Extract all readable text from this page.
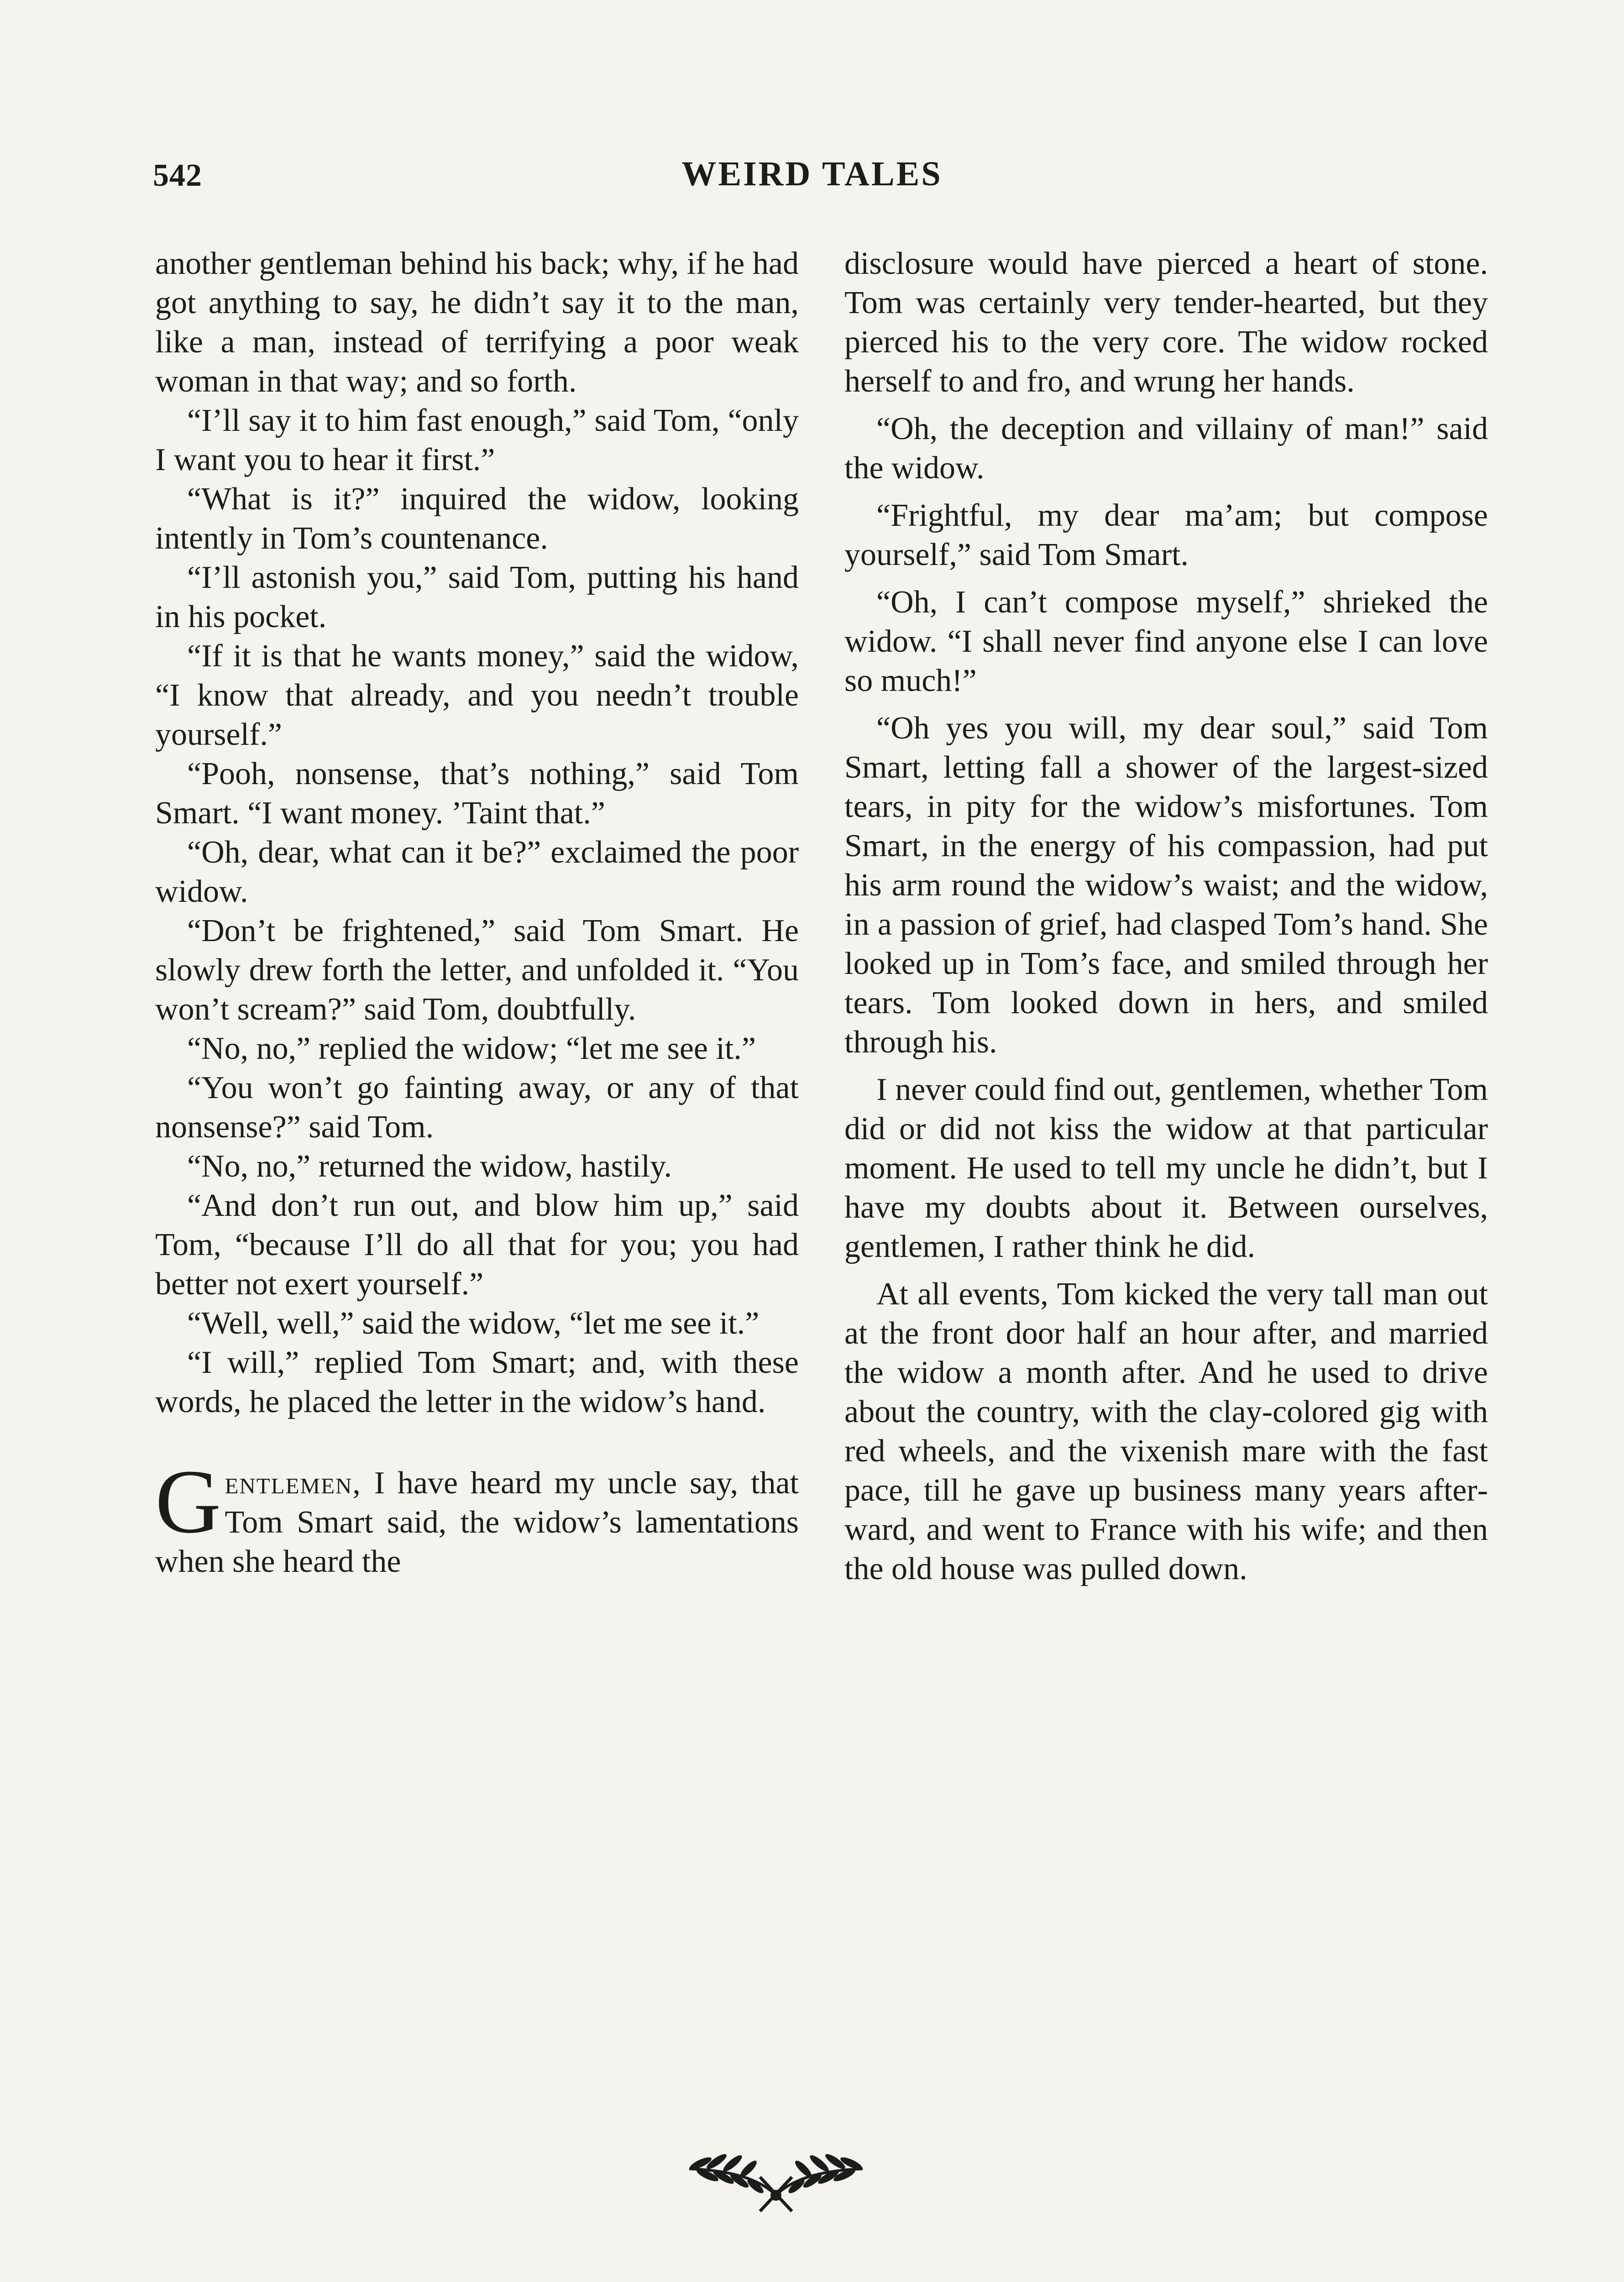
542	WEIRD TALES

another gentleman behind his back; why, if he had got anything to say, he didn’t say it to the man, like a man, instead of terrifying a poor weak woman in that way; and so forth.

“I’ll say it to him fast enough,” said Tom, “only I want you to hear it first.”

“What is it?” inquired the widow, looking intently in Tom’s countenance.

“I’ll astonish you,” said Tom, putting his hand in his pocket.

“If it is that he wants money,” said the widow, “I know that already, and you needn’t trouble yourself.”

“Pooh, nonsense, that’s nothing,” said Tom Smart. “I want money. ’Taint that.”

“Oh, dear, what can it be?” exclaimed the poor widow.

“Don’t be frightened,” said Tom Smart. He slowly drew forth the letter, and unfolded it. “You won’t scream?” said Tom, doubtfully.

“No, no,” replied the widow; “let me see it.”

“You won’t go fainting away, or any of that nonsense?” said Tom.

“No, no,” returned the widow, hastily.

“And don’t run out, and blow him up,” said Tom, “because I’ll do all that for you; you had better not exert yourself.”

“Well, well,” said the widow, “let me see it.”

“I will,” replied Tom Smart; and, with these words, he placed the letter in the widow’s hand.

Gentlemen, I have heard my uncle say, that Tom Smart said, the widow’s lamentations when she heard the

disclosure would have pierced a heart of stone. Tom was certainly very tender-hearted, but they pierced his to the very core. The widow rocked herself to and fro, and wrung her hands.

“Oh, the deception and villainy of man!” said the widow.

“Frightful, my dear ma’am; but compose yourself,” said Tom Smart.

“Oh, I can’t compose myself,” shrieked the widow. “I shall never find anyone else I can love so much!”

“Oh yes you will, my dear soul,” said Tom Smart, letting fall a shower of the largest-sized tears, in pity for the widow’s misfortunes. Tom Smart, in the energy of his compassion, had put his arm round the widow’s waist; and the widow, in a passion of grief, had clasped Tom’s hand. She looked up in Tom’s face, and smiled through her tears. Tom looked down in hers, and smiled through his.

I never could find out, gentlemen, whether Tom did or did not kiss the widow at that particular moment. He used to tell my uncle he didn’t, but I have my doubts about it. Between ourselves, gentlemen, I rather think he did.

At all events, Tom kicked the very tall man out at the front door half an hour after, and married the widow a month after. And he used to drive about the country, with the clay-colored gig with red wheels, and the vixenish mare with the fast pace, till he gave up business many years afterward, and went to France with his wife; and then the old house was pulled down.
